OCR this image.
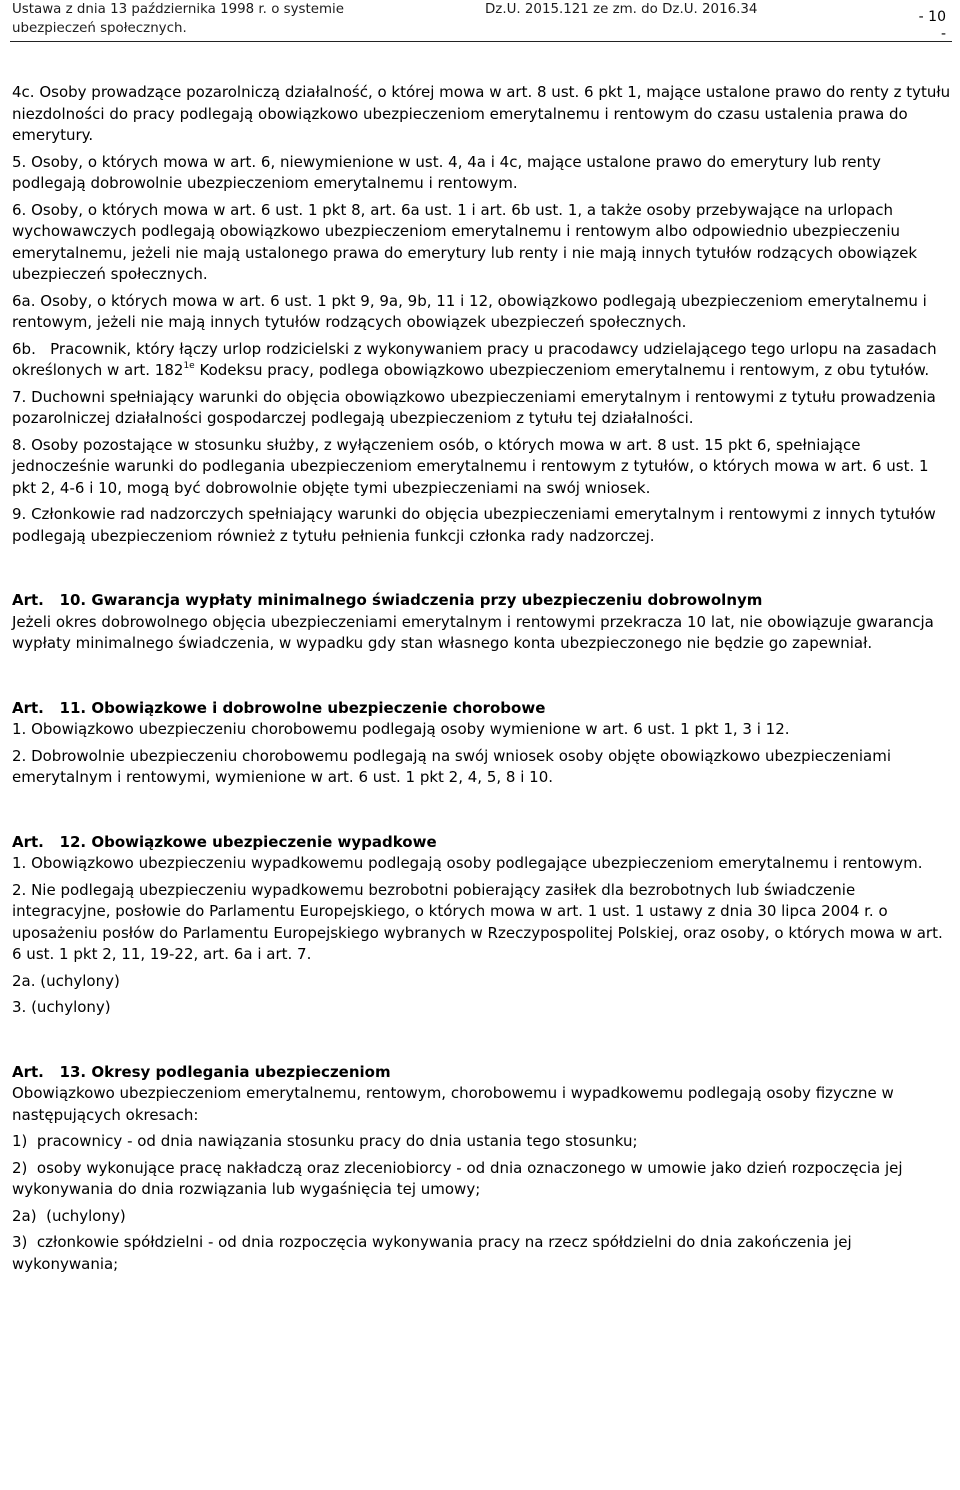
Ustawa z dnia 13 października 1998 r. o systemie
ubezpieczeń społecznych.
Dz.U. 2015.121 ze zm. do Dz.U. 2016.34	- 10
-

4c. Osoby prowadzące pozarolniczą działalność, o której mowa w art. 8 ust. 6 pkt 1, mające ustalone prawo do renty z tytułu niezdolności do pracy podlegają obowiązkowo ubezpieczeniom emerytalnemu i rentowym do czasu ustalenia prawa do emerytury.

5. Osoby, o których mowa w art. 6, niewymienione w ust. 4, 4a i 4c, mające ustalone prawo do emerytury lub renty podlegają dobrowolnie ubezpieczeniom emerytalnemu i rentowym.

6. Osoby, o których mowa w art. 6 ust. 1 pkt 8, art. 6a ust. 1 i art. 6b ust. 1, a także osoby przebywające na urlopach wychowawczych podlegają obowiązkowo ubezpieczeniom emerytalnemu i rentowym albo odpowiednio ubezpieczeniu emerytalnemu, jeżeli nie mają ustalonego prawa do emerytury lub renty i nie mają innych tytułów rodzących obowiązek ubezpieczeń społecznych.

6a. Osoby, o których mowa w art. 6 ust. 1 pkt 9, 9a, 9b, 11 i 12, obowiązkowo podlegają ubezpieczeniom emerytalnemu i rentowym, jeżeli nie mają innych tytułów rodzących obowiązek ubezpieczeń społecznych.

6b.   Pracownik, który łączy urlop rodzicielski z wykonywaniem pracy u pracodawcy udzielającego tego urlopu na zasadach określonych w art. $182^{1e}$ Kodeksu pracy, podlega obowiązkowo ubezpieczeniom emerytalnemu i rentowym, z obu tytułów.

7. Duchowni spełniający warunki do objęcia obowiązkowo ubezpieczeniami emerytalnym i rentowymi z tytułu prowadzenia pozarolniczej działalności gospodarczej podlegają ubezpieczeniom z tytułu tej działalności.

8. Osoby pozostające w stosunku służby, z wyłączeniem osób, o których mowa w art. 8 ust. 15 pkt 6, spełniające jednocześnie warunki do podlegania ubezpieczeniom emerytalnemu i rentowym z tytułów, o których mowa w art. 6 ust. 1 pkt 2, 4-6 i 10, mogą być dobrowolnie objęte tymi ubezpieczeniami na swój wniosek.

9. Członkowie rad nadzorczych spełniający warunki do objęcia ubezpieczeniami emerytalnym i rentowymi z innych tytułów podlegają ubezpieczeniom również z tytułu pełnienia funkcji członka rady nadzorczej.

Art.   10. Gwarancja wypłaty minimalnego świadczenia przy ubezpieczeniu dobrowolnym

Jeżeli okres dobrowolnego objęcia ubezpieczeniami emerytalnym i rentowymi przekracza 10 lat, nie obowiązuje gwarancja wypłaty minimalnego świadczenia, w wypadku gdy stan własnego konta ubezpieczonego nie będzie go zapewniał.

Art.   11. Obowiązkowe i dobrowolne ubezpieczenie chorobowe

1. Obowiązkowo ubezpieczeniu chorobowemu podlegają osoby wymienione w art. 6 ust. 1 pkt 1, 3 i 12.

2. Dobrowolnie ubezpieczeniu chorobowemu podlegają na swój wniosek osoby objęte obowiązkowo ubezpieczeniami emerytalnym i rentowymi, wymienione w art. 6 ust. 1 pkt 2, 4, 5, 8 i 10.

Art.   12. Obowiązkowe ubezpieczenie wypadkowe

1. Obowiązkowo ubezpieczeniu wypadkowemu podlegają osoby podlegające ubezpieczeniom emerytalnemu i rentowym.

2. Nie podlegają ubezpieczeniu wypadkowemu bezrobotni pobierający zasiłek dla bezrobotnych lub świadczenie integracyjne, posłowie do Parlamentu Europejskiego, o których mowa w art. 1 ust. 1 ustawy z dnia 30 lipca 2004 r. o uposażeniu posłów do Parlamentu Europejskiego wybranych w Rzeczypospolitej Polskiej, oraz osoby, o których mowa w art. 6 ust. 1 pkt 2, 11, 19-22, art. 6a i art. 7.

2a. (uchylony)

3. (uchylony)

Art.   13. Okresy podlegania ubezpieczeniom

Obowiązkowo ubezpieczeniom emerytalnemu, rentowym, chorobowemu i wypadkowemu podlegają osoby fizyczne w następujących okresach:

1)  pracownicy - od dnia nawiązania stosunku pracy do dnia ustania tego stosunku;

2)  osoby wykonujące pracę nakładczą oraz zleceniobiorcy - od dnia oznaczonego w umowie jako dzień rozpoczęcia jej wykonywania do dnia rozwiązania lub wygaśnięcia tej umowy;

2a)  (uchylony)

3)  członkowie spółdzielni - od dnia rozpoczęcia wykonywania pracy na rzecz spółdzielni do dnia zakończenia jej wykonywania;
